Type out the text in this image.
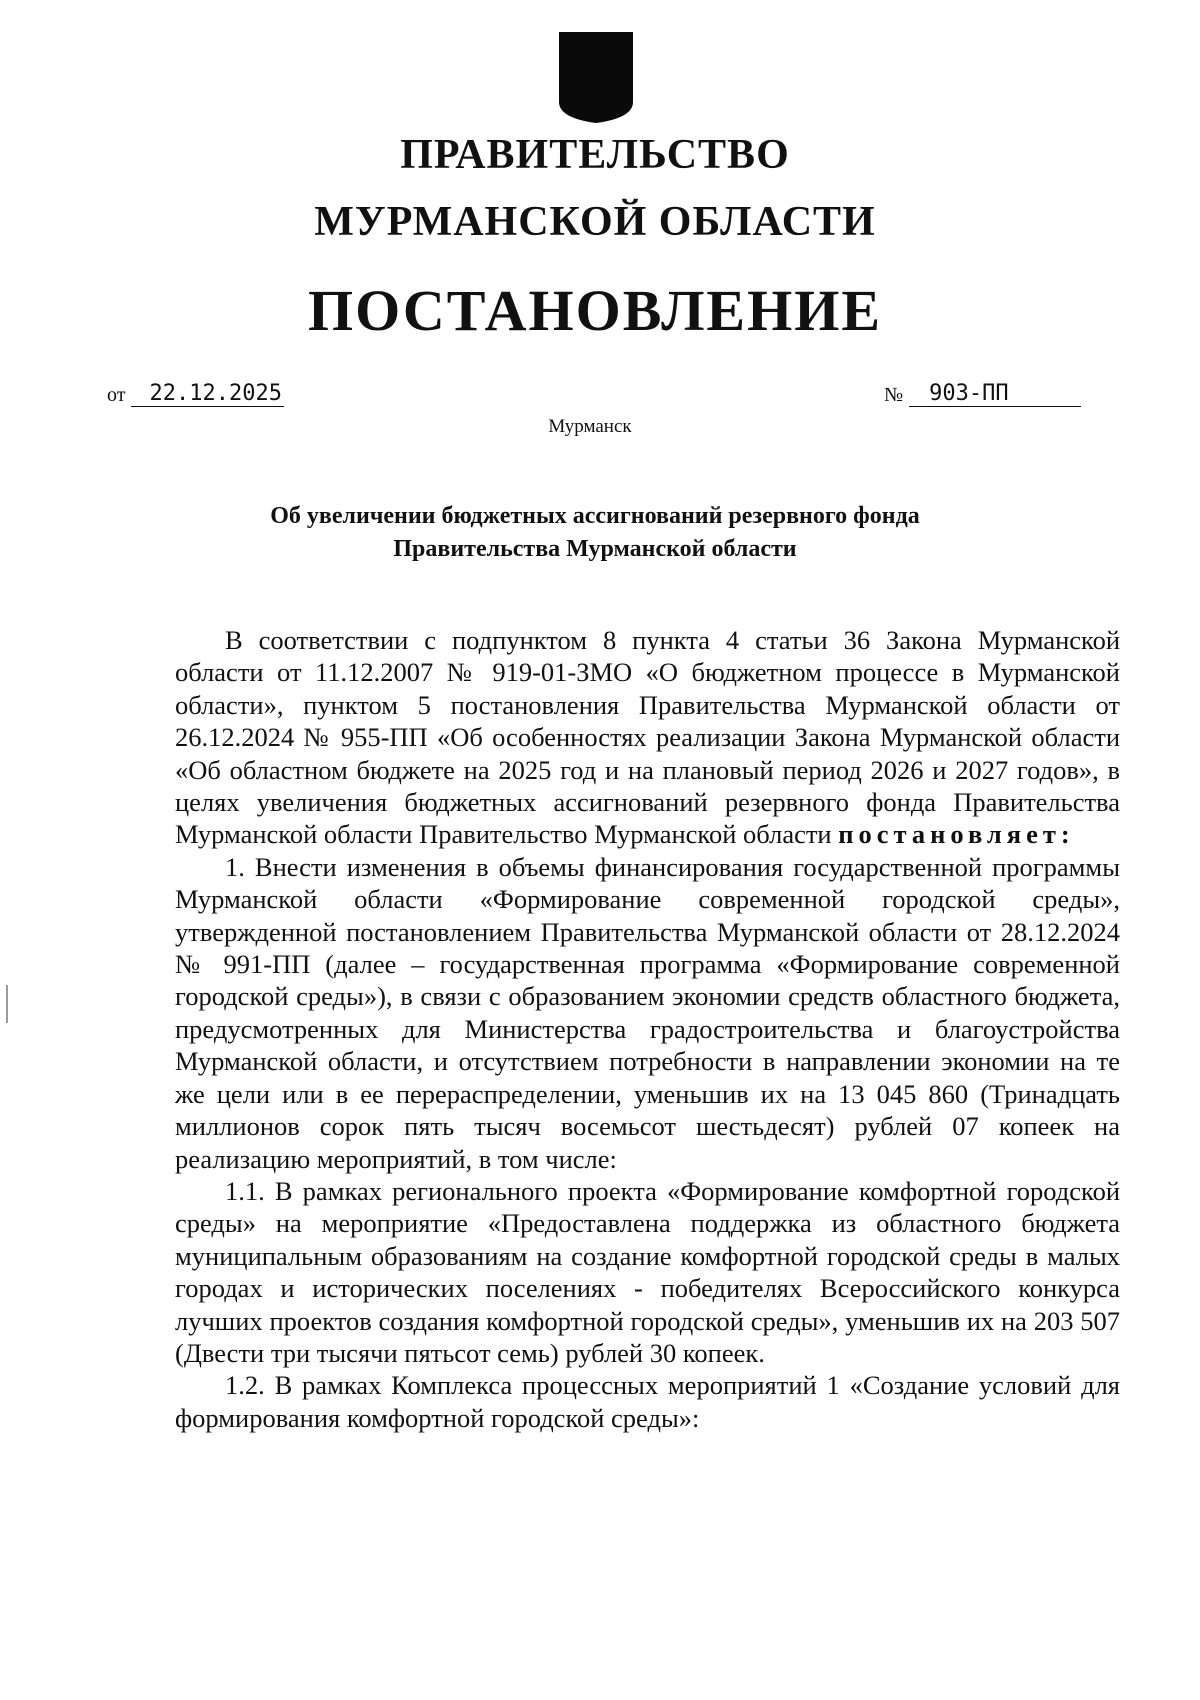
ПРАВИТЕЛЬСТВО
МУРМАНСКОЙ ОБЛАСТИ
ПОСТАНОВЛЕНИЕ
от	22.12.2025	№	903-ПП
Мурманск
Об увеличении бюджетных ассигнований резервного фонда
Правительства Мурманской области

В соответствии с подпунктом 8 пункта 4 статьи 36 Закона Мурманской области от 11.12.2007 № 919-01-ЗМО «О бюджетном процессе в Мурманской области», пунктом 5 постановления Правительства Мурманской области от 26.12.2024 № 955-ПП «Об особенностях реализации Закона Мурманской области «Об областном бюджете на 2025 год и на плановый период 2026 и 2027 годов», в целях увеличения бюджетных ассигнований резервного фонда Правительства Мурманской области Правительство Мурманской области постановляет:

1. Внести изменения в объемы финансирования государственной программы Мурманской области «Формирование современной городской среды», утвержденной постановлением Правительства Мурманской области от 28.12.2024 № 991-ПП (далее – государственная программа «Формирование современной городской среды»), в связи с образованием экономии средств областного бюджета, предусмотренных для Министерства градостроительства и благоустройства Мурманской области, и отсутствием потребности в направлении экономии на те же цели или в ее перераспределении, уменьшив их на 13 045 860 (Тринадцать миллионов сорок пять тысяч восемьсот шестьдесят) рублей 07 копеек на реализацию мероприятий, в том числе:

1.1. В рамках регионального проекта «Формирование комфортной городской среды» на мероприятие «Предоставлена поддержка из областного бюджета муниципальным образованиям на создание комфортной городской среды в малых городах и исторических поселениях - победителях Всероссийского конкурса лучших проектов создания комфортной городской среды», уменьшив их на 203 507 (Двести три тысячи пятьсот семь) рублей 30 копеек.

1.2. В рамках Комплекса процессных мероприятий 1 «Создание условий для формирования комфортной городской среды»:
